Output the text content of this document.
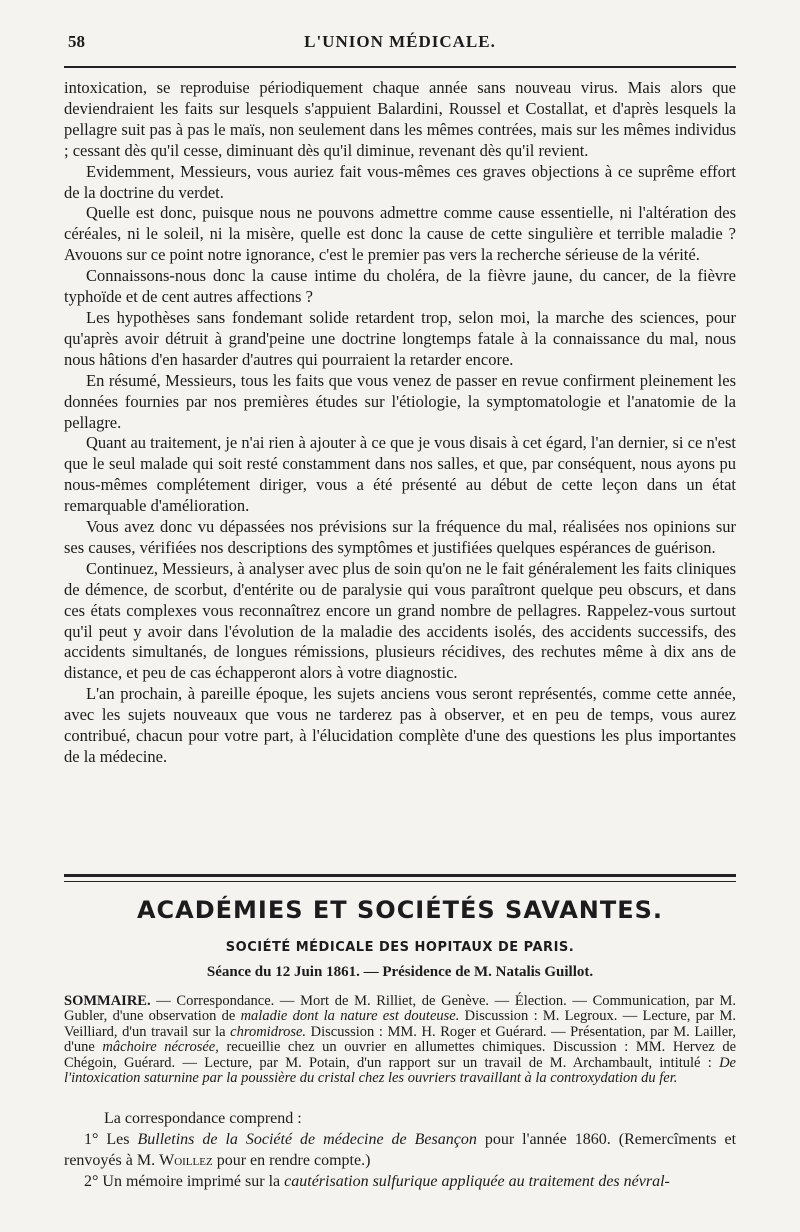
58	L'UNION MÉDICALE.

intoxication, se reproduise périodiquement chaque année sans nouveau virus. Mais alors que deviendraient les faits sur lesquels s'appuient Balardini, Roussel et Costallat, et d'après lesquels la pellagre suit pas à pas le maïs, non seulement dans les mêmes contrées, mais sur les mêmes individus ; cessant dès qu'il cesse, diminuant dès qu'il diminue, revenant dès qu'il revient.

Evidemment, Messieurs, vous auriez fait vous-mêmes ces graves objections à ce suprême effort de la doctrine du verdet.

Quelle est donc, puisque nous ne pouvons admettre comme cause essentielle, ni l'altération des céréales, ni le soleil, ni la misère, quelle est donc la cause de cette singulière et terrible maladie ? Avouons sur ce point notre ignorance, c'est le premier pas vers la recherche sérieuse de la vérité.

Connaissons-nous donc la cause intime du choléra, de la fièvre jaune, du cancer, de la fièvre typhoïde et de cent autres affections ?

Les hypothèses sans fondemant solide retardent trop, selon moi, la marche des sciences, pour qu'après avoir détruit à grand'peine une doctrine longtemps fatale à la connaissance du mal, nous nous hâtions d'en hasarder d'autres qui pourraient la retarder encore.

En résumé, Messieurs, tous les faits que vous venez de passer en revue confirment pleinement les données fournies par nos premières études sur l'étiologie, la symptomatologie et l'anatomie de la pellagre.

Quant au traitement, je n'ai rien à ajouter à ce que je vous disais à cet égard, l'an dernier, si ce n'est que le seul malade qui soit resté constamment dans nos salles, et que, par conséquent, nous ayons pu nous-mêmes complétement diriger, vous a été présenté au début de cette leçon dans un état remarquable d'amélioration.

Vous avez donc vu dépassées nos prévisions sur la fréquence du mal, réalisées nos opinions sur ses causes, vérifiées nos descriptions des symptômes et justifiées quelques espérances de guérison.

Continuez, Messieurs, à analyser avec plus de soin qu'on ne le fait généralement les faits cliniques de démence, de scorbut, d'entérite ou de paralysie qui vous paraîtront quelque peu obscurs, et dans ces états complexes vous reconnaîtrez encore un grand nombre de pellagres. Rappelez-vous surtout qu'il peut y avoir dans l'évolution de la maladie des accidents isolés, des accidents successifs, des accidents simultanés, de longues rémissions, plusieurs récidives, des rechutes même à dix ans de distance, et peu de cas échapperont alors à votre diagnostic.

L'an prochain, à pareille époque, les sujets anciens vous seront représentés, comme cette année, avec les sujets nouveaux que vous ne tarderez pas à observer, et en peu de temps, vous aurez contribué, chacun pour votre part, à l'élucidation complète d'une des questions les plus importantes de la médecine.

ACADÉMIES ET SOCIÉTÉS SAVANTES.
SOCIÉTÉ MÉDICALE DES HOPITAUX DE PARIS.
Séance du 12 Juin 1861. — Présidence de M. Natalis Guillot.
SOMMAIRE. — Correspondance. — Mort de M. Rilliet, de Genève. — Élection. — Communication, par M. Gubler, d'une observation de maladie dont la nature est douteuse. Discussion : M. Legroux. — Lecture, par M. Veilliard, d'un travail sur la chromidrose. Discussion : MM. H. Roger et Guérard. — Présentation, par M. Lailler, d'une mâchoire nécrosée, recueillie chez un ouvrier en allumettes chimiques. Discussion : MM. Hervez de Chégoin, Guérard. — Lecture, par M. Potain, d'un rapport sur un travail de M. Archambault, intitulé : De l'intoxication saturnine par la poussière du cristal chez les ouvriers travaillant à la controxydation du fer.

La correspondance comprend :

1° Les Bulletins de la Société de médecine de Besançon pour l'année 1860. (Remercîments et renvoyés à M. Woillez pour en rendre compte.)

2° Un mémoire imprimé sur la cautérisation sulfurique appliquée au traitement des névral-
